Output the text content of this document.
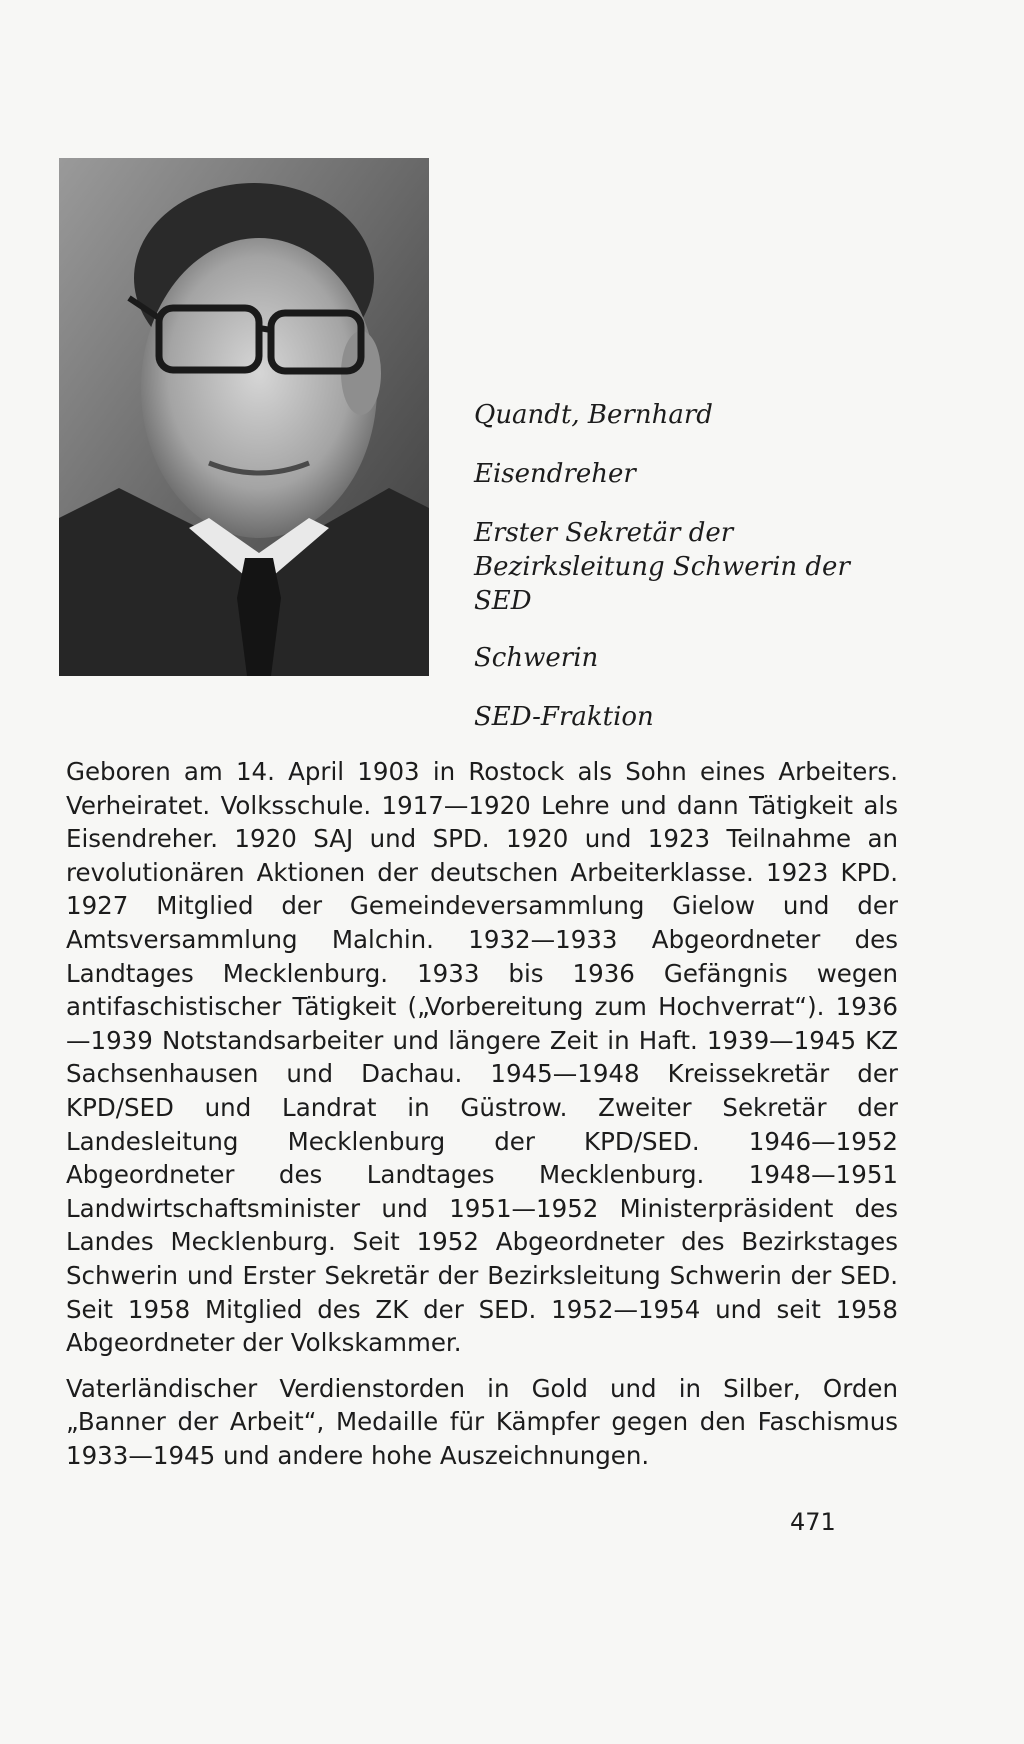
Quandt, Bernhard
Eisendreher
Erster Sekretär der Bezirksleitung Schwerin der SED
Schwerin
SED-Fraktion

Geboren am 14. April 1903 in Rostock als Sohn eines Arbeiters. Verheiratet. Volksschule. 1917—1920 Lehre und dann Tätigkeit als Eisendreher. 1920 SAJ und SPD. 1920 und 1923 Teilnahme an revolutionären Aktionen der deutschen Arbeiterklasse. 1923 KPD. 1927 Mitglied der Gemeindeversammlung Gielow und der Amtsversammlung Malchin. 1932—1933 Abgeordneter des Landtages Mecklenburg. 1933 bis 1936 Gefängnis wegen antifaschistischer Tätigkeit („Vorbereitung zum Hochverrat“). 1936—1939 Notstandsarbeiter und längere Zeit in Haft. 1939—1945 KZ Sachsenhausen und Dachau. 1945—1948 Kreissekretär der KPD/SED und Landrat in Güstrow. Zweiter Sekretär der Landesleitung Mecklenburg der KPD/SED. 1946—1952 Abgeordneter des Landtages Mecklenburg. 1948—1951 Landwirtschaftsminister und 1951—1952 Ministerpräsident des Landes Mecklenburg. Seit 1952 Abgeordneter des Bezirkstages Schwerin und Erster Sekretär der Bezirksleitung Schwerin der SED. Seit 1958 Mitglied des ZK der SED. 1952—1954 und seit 1958 Abgeordneter der Volkskammer.

Vaterländischer Verdienstorden in Gold und in Silber, Orden „Banner der Arbeit“, Medaille für Kämpfer gegen den Faschismus 1933—1945 und andere hohe Auszeichnungen.

471
